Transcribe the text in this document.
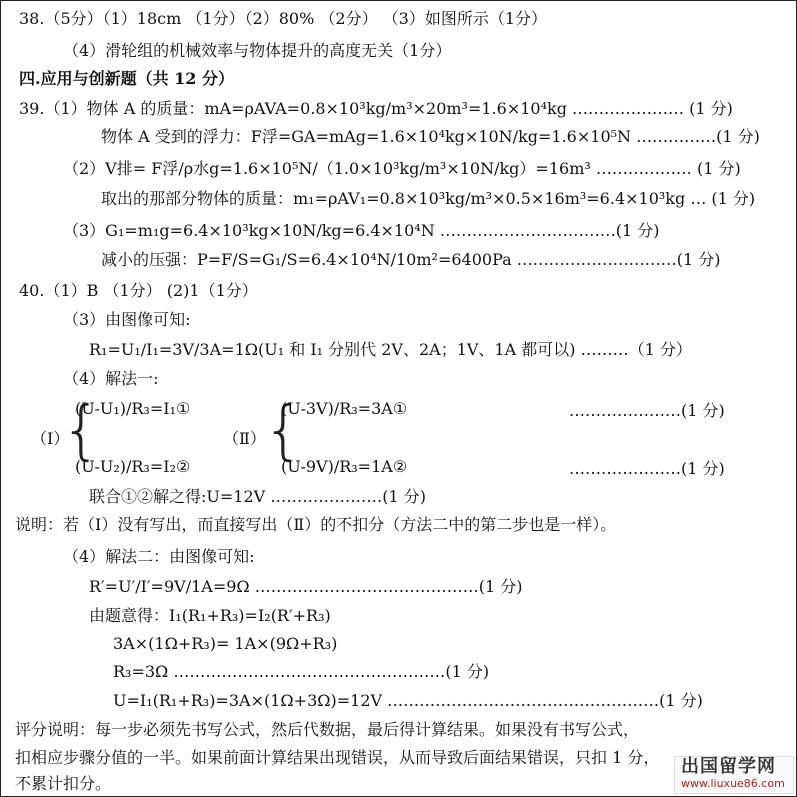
38.（5分）（1）18cm （1分）（2）80% （2分） （3）如图所示（1分）
（4）滑轮组的机械效率与物体提升的高度无关（1分）
四.应用与创新题（共 12 分）
39.（1）物体 A 的质量：mA=ρAVA=0.8×10³kg/m³×20m³=1.6×10⁴kg ………………… (1 分)
物体 A 受到的浮力：F浮=GA=mAg=1.6×10⁴kg×10N/kg=1.6×10⁵N ……………(1 分)
（2）V排= F浮/ρ水g=1.6×10⁵N/（1.0×10³kg/m³×10N/kg）=16m³ ……………… (1 分)
取出的那部分物体的质量：m₁=ρAV₁=0.8×10³kg/m³×0.5×16m³=6.4×10³kg … (1 分)
（3）G₁=m₁g=6.4×10³kg×10N/kg=6.4×10⁴N ……………………………(1 分)
减小的压强：P=F/S=G₁/S=6.4×10⁴N/10m²=6400Pa …………………………(1 分)
40.（1）B （1分） (2)1（1分）
（3）由图像可知:
R₁=U₁/I₁=3V/3A=1Ω(U₁ 和 I₁ 分别代 2V、2A；1V、1A 都可以) ………（1 分）
（4）解法一:
（Ⅰ）
{
(U-U₁)/R₃=I₁①
(U-U₂)/R₃=I₂②
（Ⅱ）
{
(U-3V)/R₃=3A①
(U-9V)/R₃=1A②
…………………(1 分)
…………………(1 分)
联合①②解之得:U=12V …………………(1 分)
说明：若（Ⅰ）没有写出，而直接写出（Ⅱ）的不扣分（方法二中的第二步也是一样）。
（4）解法二：由图像可知:
R′=U′/I′=9V/1A=9Ω ……………………………………(1 分)
由题意得：I₁(R₁+R₃)=I₂(R′+R₃)
3A×(1Ω+R₃)= 1A×(9Ω+R₃)
R₃=3Ω ……………………………………………(1 分)
U=I₁(R₁+R₃)=3A×(1Ω+3Ω)=12V ……………………………………………(1 分)
评分说明：每一步必须先书写公式，然后代数据，最后得计算结果。如果没有书写公式，
扣相应步骤分值的一半。如果前面计算结果出现错误，从而导致后面结果错误，只扣 1 分，
不累计扣分。
出国留学网
www.liuxue86.com
